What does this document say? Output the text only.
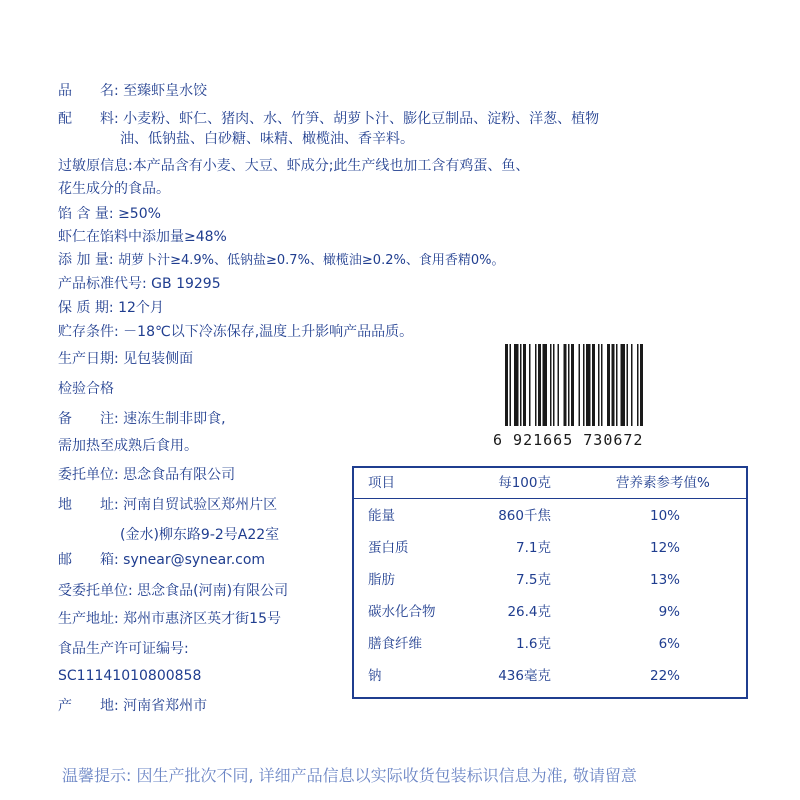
品　　名: 至臻虾皇水饺
配　　料: 小麦粉、虾仁、猪肉、水、竹笋、胡萝卜汁、膨化豆制品、淀粉、洋葱、植物
油、低钠盐、白砂糖、味精、橄榄油、香辛料。
过敏原信息:本产品含有小麦、大豆、虾成分;此生产线也加工含有鸡蛋、鱼、
花生成分的食品。
馅 含 量: ≥50%
虾仁在馅料中添加量≥48%
添 加 量: 胡萝卜汁≥4.9%、低钠盐≥0.7%、橄榄油≥0.2%、食用香精0%。
产品标准代号: GB 19295
保 质 期: 12个月
贮存条件: －18℃以下冷冻保存,温度上升影响产品品质。
生产日期: 见包装侧面
检验合格
备　　注: 速冻生制非即食,
需加热至成熟后食用。
委托单位: 思念食品有限公司
地　　址: 河南自贸试验区郑州片区
(金水)柳东路9-2号A22室
邮　　箱: synear@synear.com
受委托单位: 思念食品(河南)有限公司
生产地址: 郑州市惠济区英才街15号
食品生产许可证编号:
SC11141010800858
产　　地: 河南省郑州市
6 921665 730672
项目	每100克	营养素参考值%
能量	860千焦	10%
蛋白质	7.1克	12%
脂肪	7.5克	13%
碳水化合物	26.4克	9%
膳食纤维	1.6克	6%
钠	436毫克	22%
温馨提示: 因生产批次不同, 详细产品信息以实际收货包装标识信息为准, 敬请留意
